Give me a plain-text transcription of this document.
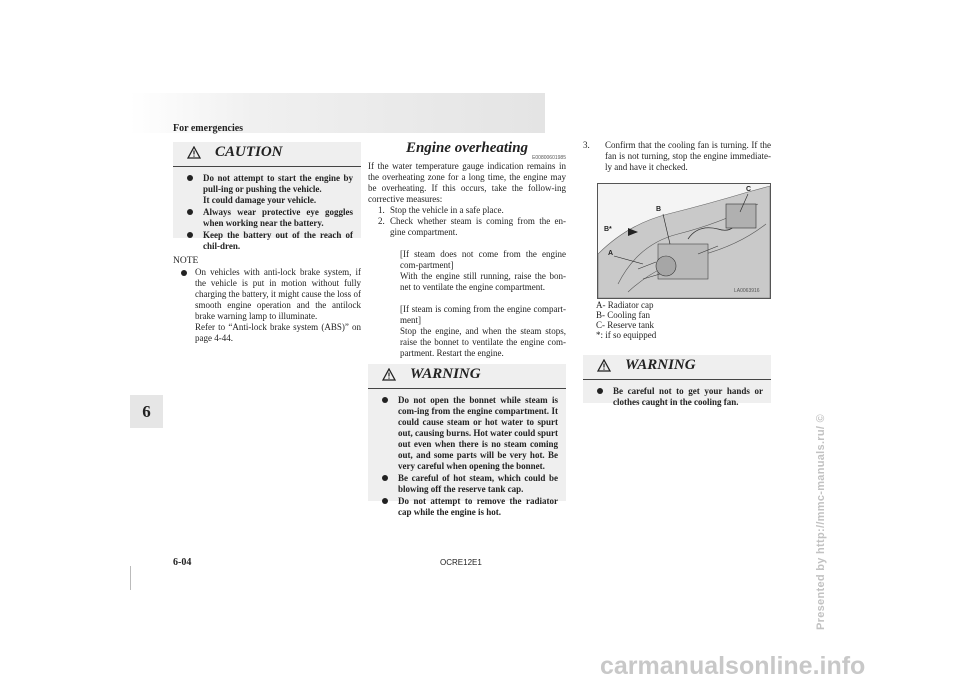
For emergencies
6
6-04	OCRE12E1
CAUTION
Do not attempt to start the engine by pull-ing or pushing the vehicle.
It could damage your vehicle.
Always wear protective eye goggles when working near the battery.
Keep the battery out of the reach of chil-dren.
NOTE
On vehicles with anti-lock brake system, if the vehicle is put in motion without fully charging the battery, it might cause the loss of smooth engine operation and the antilock brake warning lamp to illuminate.
Refer to “Anti-lock brake system (ABS)” on page 4-44.
Engine overheating
E00800601985

If the water temperature gauge indication remains in the overheating zone for a long time, the engine may be overheating. If this occurs, take the follow-ing corrective measures:

1. Stop the vehicle in a safe place.
2. Check whether steam is coming from the en-gine compartment.
[If steam does not come from the engine com-partment]
With the engine still running, raise the bon-net to ventilate the engine compartment.
[If steam is coming from the engine compart-ment]
Stop the engine, and when the steam stops, raise the bonnet to ventilate the engine com-partment. Restart the engine.
WARNING
Do not open the bonnet while steam is com-ing from the engine compartment. It could cause steam or hot water to spurt out, causing burns. Hot water could spurt out even when there is no steam coming out, and some parts will be very hot. Be very careful when opening the bonnet.
Be careful of hot steam, which could be blowing off the reserve tank cap.
Do not attempt to remove the radiator cap while the engine is hot.
3. Confirm that the cooling fan is turning. If the fan is not turning, stop the engine immediate-ly and have it checked.
C
B
B*
A
LA0063916
A- Radiator cap
B- Cooling fan
C- Reserve tank
*: if so equipped
WARNING
Be careful not to get your hands or clothes caught in the cooling fan.
Presented by http://mmc-manuals.ru/ ©
carmanualsonline.info
